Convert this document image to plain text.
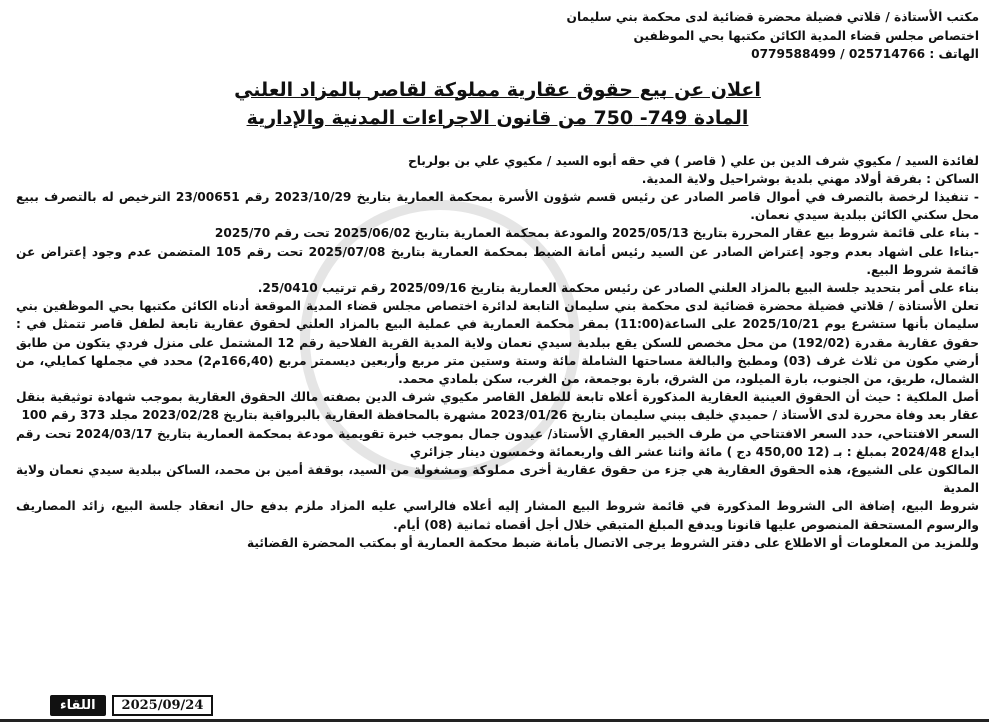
مكتب الأستاذة / قلاتي فضيلة محضرة قضائية لدى محكمة بني سليمان
اختصاص مجلس قضاء المدية الكائن مكتبها بحي الموظفين
الهاتف : 0779588499 / 025714766
اعلان عن بيع حقوق عقارية مملوكة لقاصر بالمزاد العلني
المادة 749- 750 من قانون الاجراءات المدنية والإدارية

لفائدة السيد / مكيوي شرف الدين بن علي ( قاصر ) في حقه أبوه السيد / مكيوي علي بن بولرباح

الساكن : بفرقة أولاد مهني بلدية بوشراحيل ولاية المدية.

- تنفيذا لرخصة بالتصرف في أموال قاصر الصادر عن رئيس قسم شؤون الأسرة بمحكمة العمارية بتاريخ 2023/10/29 رقم 23/00651 الترخيص له بالتصرف ببيع محل سكني الكائن ببلدية سيدي نعمان.

- بناء على قائمة شروط بيع عقار المحررة بتاريخ 2025/05/13 والمودعة بمحكمة العمارية بتاريخ 2025/06/02 تحت رقم 2025/70

-بناءا على اشهاد بعدم وجود إعتراض الصادر عن السيد رئيس أمانة الضبط بمحكمة العمارية بتاريخ 2025/07/08 تحت رقم 105 المتضمن عدم وجود إعتراض عن قائمة شروط البيع.

بناء على أمر بتحديد جلسة البيع بالمزاد العلني الصادر عن رئيس محكمة العمارية بتاريخ 2025/09/16 رقم ترتيب 25/0410.

تعلن الأستاذة / قلاتي فضيلة محضرة قضائية لدى محكمة بني سليمان التابعة لدائرة اختصاص مجلس قضاء المدية الموقعة أدناه الكائن مكتبها بحي الموظفين بني سليمان بأنها ستشرع يوم 2025/10/21 على الساعة(11:00) بمقر محكمة العمارية في عملية البيع بالمزاد العلني لحقوق عقارية تابعة لطفل قاصر تتمثل في : حقوق عقارية مقدرة (192/02) من محل مخصص للسكن يقع ببلدية سيدي نعمان ولاية المدية القرية الفلاحية رقم 12 المشتمل على منزل فردي يتكون من طابق أرضي مكون من ثلاث غرف (03) ومطبخ والبالغة مساحتها الشاملة مائة وستة وستين متر مربع وأربعين ديسمتر مربع (166,40م2) محدد في مجملها كمايلي، من الشمال، طريق، من الجنوب، بارة الميلود، من الشرق، بارة بوجمعة، من الغرب، سكن بلمادي محمد.

أصل الملكية : حيث أن الحقوق العينية العقارية المذكورة أعلاه تابعة للطفل القاصر مكيوي شرف الدين بصفته مالك الحقوق العقارية بموجب شهادة توثيقية بنقل عقار بعد وفاة محررة لدى الأستاذ / حميدي خليف ببني سليمان بتاريخ 2023/01/26 مشهرة بالمحافظة العقارية بالبرواقية بتاريخ 2023/02/28 مجلد 373 رقم 100

السعر الافتتاحي، حدد السعر الافتتاحي من طرف الخبير العقاري الأستاذ/ عيدون جمال بموجب خبرة تقويمية مودعة بمحكمة العمارية بتاريخ 2024/03/17 تحت رقم ايداع 2024/48 بمبلغ : بـ (12 450,00 دج ) مائة واثنا عشر الف واربعمائة وخمسون دينار جزائري

المالكون على الشيوع، هذه الحقوق العقارية هي جزء من حقوق عقارية أخرى مملوكة ومشغولة من السيد، بوقفة أمين بن محمد، الساكن ببلدية سيدي نعمان ولاية المدية

شروط البيع، إضافة الى الشروط المذكورة في قائمة شروط البيع المشار إليه أعلاه فالراسي عليه المزاد ملزم بدفع حال انعقاد جلسة البيع، زائد المصاريف والرسوم المستحقة المنصوص عليها قانونا ويدفع المبلغ المتبقي خلال أجل أقصاه ثمانية (08) أيام.

وللمزيد من المعلومات أو الاطلاع على دفتر الشروط يرجى الاتصال بأمانة ضبط محكمة العمارية أو بمكتب المحضرة القضائية

اللقاء	2025/09/24
